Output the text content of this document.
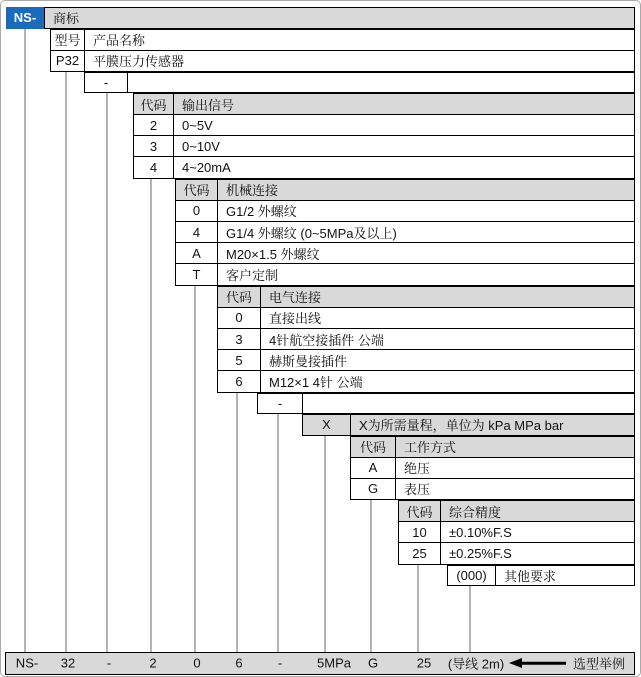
NS-	商标
型号 产品名称
P32	平膜压力传感器
-
代码	输出信号
2	0~5V
3	0~10V
4	4~20mA
代码	机械连接
0	G1/2 外螺纹
4	G1/4 外螺纹 (0~5MPa及以上)
A	M20×1.5 外螺纹
T	客户定制
代码	电气连接
0	直接出线
3	4针航空接插件 公端
5	赫斯曼接插件
6	M12×1 4针 公端
-
X	X为所需量程，单位为 kPa MPa bar
代码	工作方式
A	绝压
G	表压
代码	综合精度
10	±0.10%F.S
25	±0.25%F.S
(000)	其他要求
NS- 32 -	2	0	6	-	5MPa G	25 (导线 2m)	选型举例
